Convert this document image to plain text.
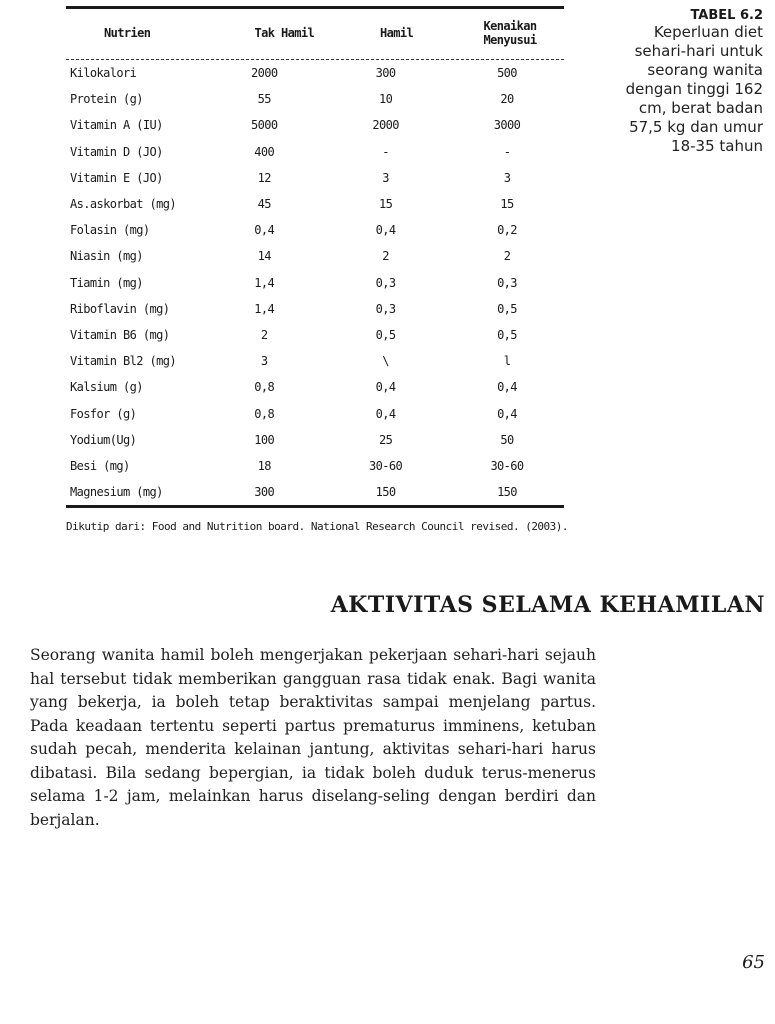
Nutrien	Tak Hamil	Hamil	Kenaikan
Menyusui
Kilokalori	2000	300	500
Protein (g)	55	10	20
Vitamin A (IU)	5000	2000	3000
Vitamin D (JO)	400	-	-
Vitamin E (JO)	12	3	3
As.askorbat (mg)	45	15	15
Folasin (mg)	0,4	0,4	0,2
Niasin (mg)	14	2	2
Tiamin (mg)	1,4	0,3	0,3
Riboflavin (mg)	1,4	0,3	0,5
Vitamin B6 (mg)	2	0,5	0,5
Vitamin Bl2 (mg)	3	\	l
Kalsium (g)	0,8	0,4	0,4
Fosfor (g)	0,8	0,4	0,4
Yodium(Ug)	100	25	50
Besi (mg)	18	30-60	30-60
Magnesium (mg)	300	150	150
Dikutip dari: Food and Nutrition board. National Research Council revised. (2003).
TABEL 6.2
Keperluan diet sehari-hari untuk seorang wanita dengan tinggi 162 cm, berat badan 57,5 kg dan umur 18-35 tahun
AKTIVITAS SELAMA KEHAMILAN
Seorang wanita hamil boleh mengerjakan pekerjaan sehari-hari sejauh hal tersebut tidak memberikan gangguan rasa tidak enak. Bagi wanita yang bekerja, ia boleh tetap beraktivitas sampai menjelang partus. Pada keadaan tertentu seperti partus prematurus imminens, ketuban sudah pecah, menderita kelainan jantung, aktivitas sehari-hari harus dibatasi. Bila sedang bepergian, ia tidak boleh duduk terus-menerus selama 1-2 jam, melainkan harus diselang-seling dengan berdiri dan berjalan.
65
